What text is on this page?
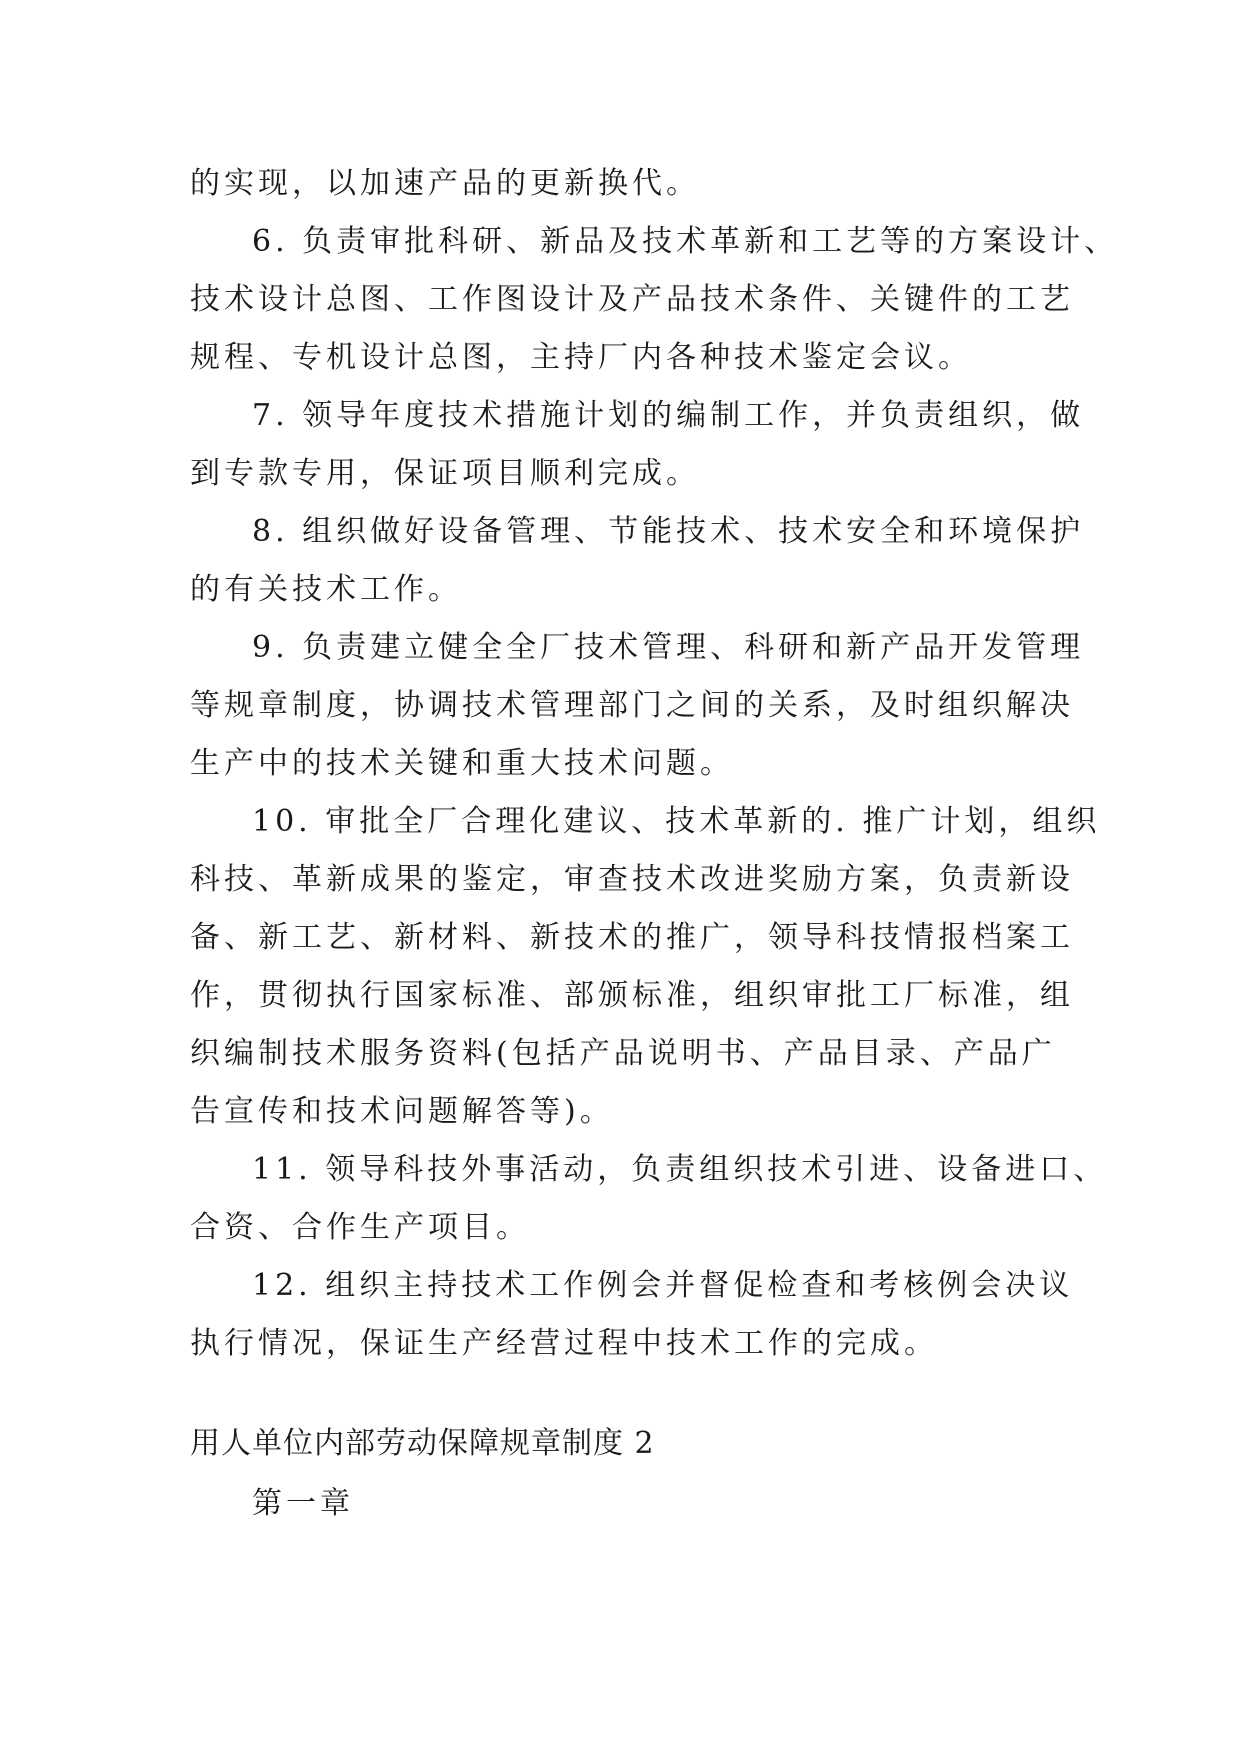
的实现，以加速产品的更新换代。
6. 负责审批科研、新品及技术革新和工艺等的方案设计、
技术设计总图、工作图设计及产品技术条件、关键件的工艺
规程、专机设计总图，主持厂内各种技术鉴定会议。
7. 领导年度技术措施计划的编制工作，并负责组织，做
到专款专用，保证项目顺利完成。
8. 组织做好设备管理、节能技术、技术安全和环境保护
的有关技术工作。
9. 负责建立健全全厂技术管理、科研和新产品开发管理
等规章制度，协调技术管理部门之间的关系，及时组织解决
生产中的技术关键和重大技术问题。
10. 审批全厂合理化建议、技术革新的. 推广计划，组织
科技、革新成果的鉴定，审查技术改进奖励方案，负责新设
备、新工艺、新材料、新技术的推广，领导科技情报档案工
作，贯彻执行国家标准、部颁标准，组织审批工厂标准，组
织编制技术服务资料(包括产品说明书、产品目录、产品广
告宣传和技术问题解答等)。
11. 领导科技外事活动，负责组织技术引进、设备进口、
合资、合作生产项目。
12. 组织主持技术工作例会并督促检查和考核例会决议
执行情况，保证生产经营过程中技术工作的完成。
用人单位内部劳动保障规章制度 2
第一章
